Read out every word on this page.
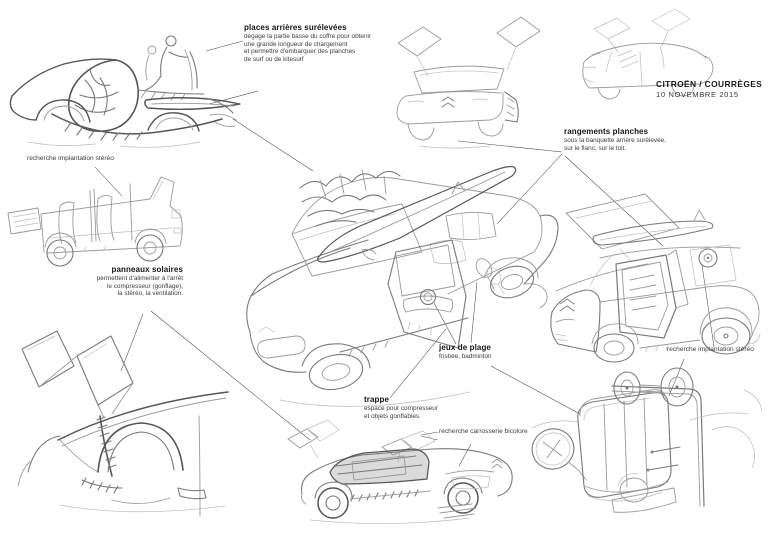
places arrières surélevées
dégage la partie basse du coffre pour obtenir
une grande longueur de chargement
et permettre d'embarquer des planches
de surf ou de kitesurf
recherche implantation stéréo
panneaux solaires
permettent d'alimenter à l'arrêt
le compresseur (gonflage),
la stéréo, la ventilation.
CITROËN / COURRÈGES
10 NOVEMBRE 2015
rangements planches
sous la banquette arrière surélevée,
sur le flanc, sur le toit.
jeux de plage
frisbee, badminton
trappe
espace pour compresseur
et objets gonflables.
recherche carrosserie bicolore
recherche implantation stéréo
